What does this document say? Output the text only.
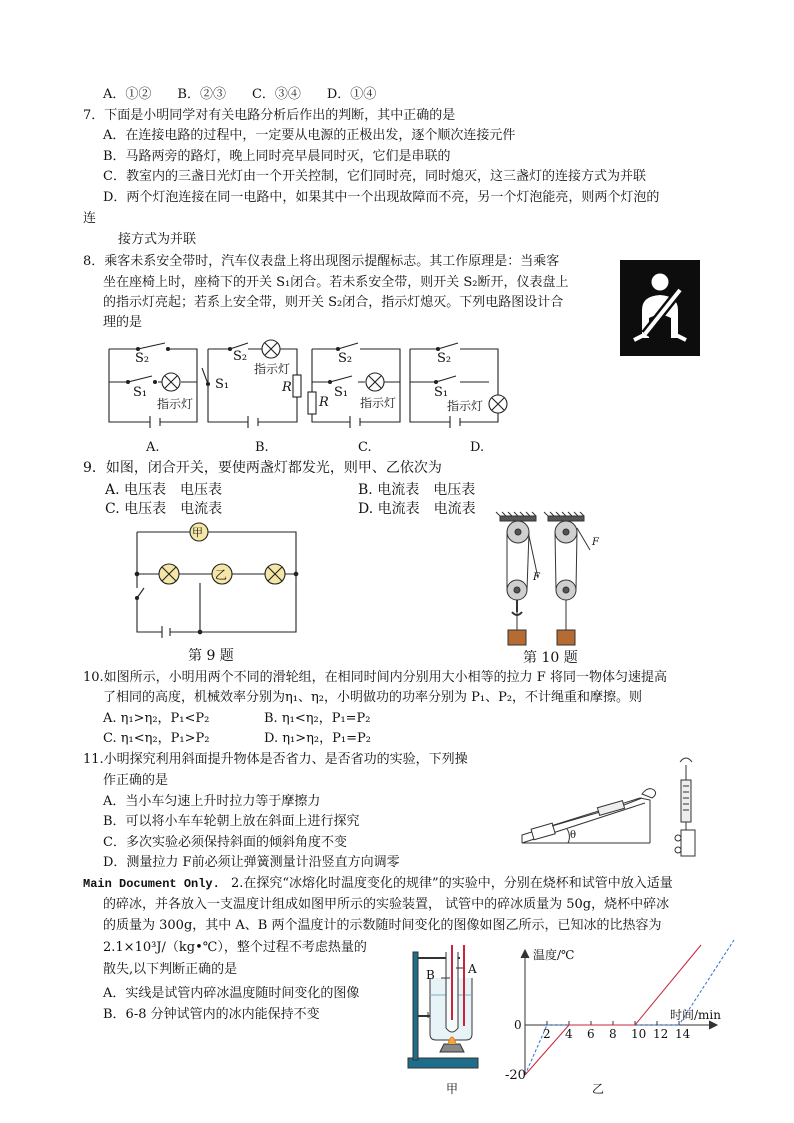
A．①②　　B．②③　　C．③④　　D．①④
7．下面是小明同学对有关电路分析后作出的判断，其中正确的是
A．在连接电路的过程中，一定要从电源的正极出发，逐个顺次连接元件
B．马路两旁的路灯，晚上同时亮早晨同时灭，它们是串联的
C．教室内的三盏日光灯由一个开关控制，它们同时亮，同时熄灭，这三盏灯的连接方式为并联
D．两个灯泡连接在同一电路中，如果其中一个出现故障而不亮，另一个灯泡能亮，则两个灯泡的
连
接方式为并联
8．乘客未系安全带时，汽车仪表盘上将出现图示提醒标志。其工作原理是：当乘客
坐在座椅上时，座椅下的开关 S₁闭合。若未系安全带，则开关 S₂断开，仪表盘上
的指示灯亮起；若系上安全带，则开关 S₂闭合，指示灯熄灭。下列电路图设计合
理的是
9．如图，闭合开关，要使两盏灯都发光，则甲、乙依次为
A. 电压表　电压表	B. 电流表　电压表
C. 电压表　电流表	D. 电流表　电流表
第 9 题	第 10 题
10.如图所示，小明用两个不同的滑轮组，在相同时间内分别用大小相等的拉力 F 将同一物体匀速提高
了相同的高度，机械效率分别为η₁、η₂，小明做功的功率分别为 P₁、P₂，不计绳重和摩擦。则
A. η₁>η₂，P₁<P₂	B. η₁<η₂，P₁=P₂
C. η₁<η₂，P₁>P₂	D. η₁>η₂，P₁=P₂
11.小明探究利用斜面提升物体是否省力、是否省功的实验，下列操
作正确的是
A．当小车匀速上升时拉力等于摩擦力
B．可以将小车车轮朝上放在斜面上进行探究
C．多次实验必须保持斜面的倾斜角度不变
D．测量拉力 F前必须让弹簧测量计沿竖直方向调零
Main Document Only. 2.在探究“冰熔化时温度变化的规律”的实验中，分别在烧杯和试管中放入适量
的碎冰，并各放入一支温度计组成如图甲所示的实验装置， 试管中的碎冰质量为 50g，烧杯中碎冰
的质量为 300g，其中 A、B 两个温度计的示数随时间变化的图像如图乙所示，已知冰的比热容为
2.1×10³J/（kg•℃），整个过程不考虑热量的
散失,以下判断正确的是
A．实线是试管内碎冰温度随时间变化的图像
B．6-8 分钟试管内的冰内能保持不变
S₂
S₁
指示灯
S₂
指示灯
S₁	R
S₂
S₁
指示灯
R
S₂
S₁
指示灯
A.	B.	C.	D.
甲
乙	F
F
θ
A
B
甲
温度/℃
时间/min
0
-20
乙
2 4 6 8 10 12 14
